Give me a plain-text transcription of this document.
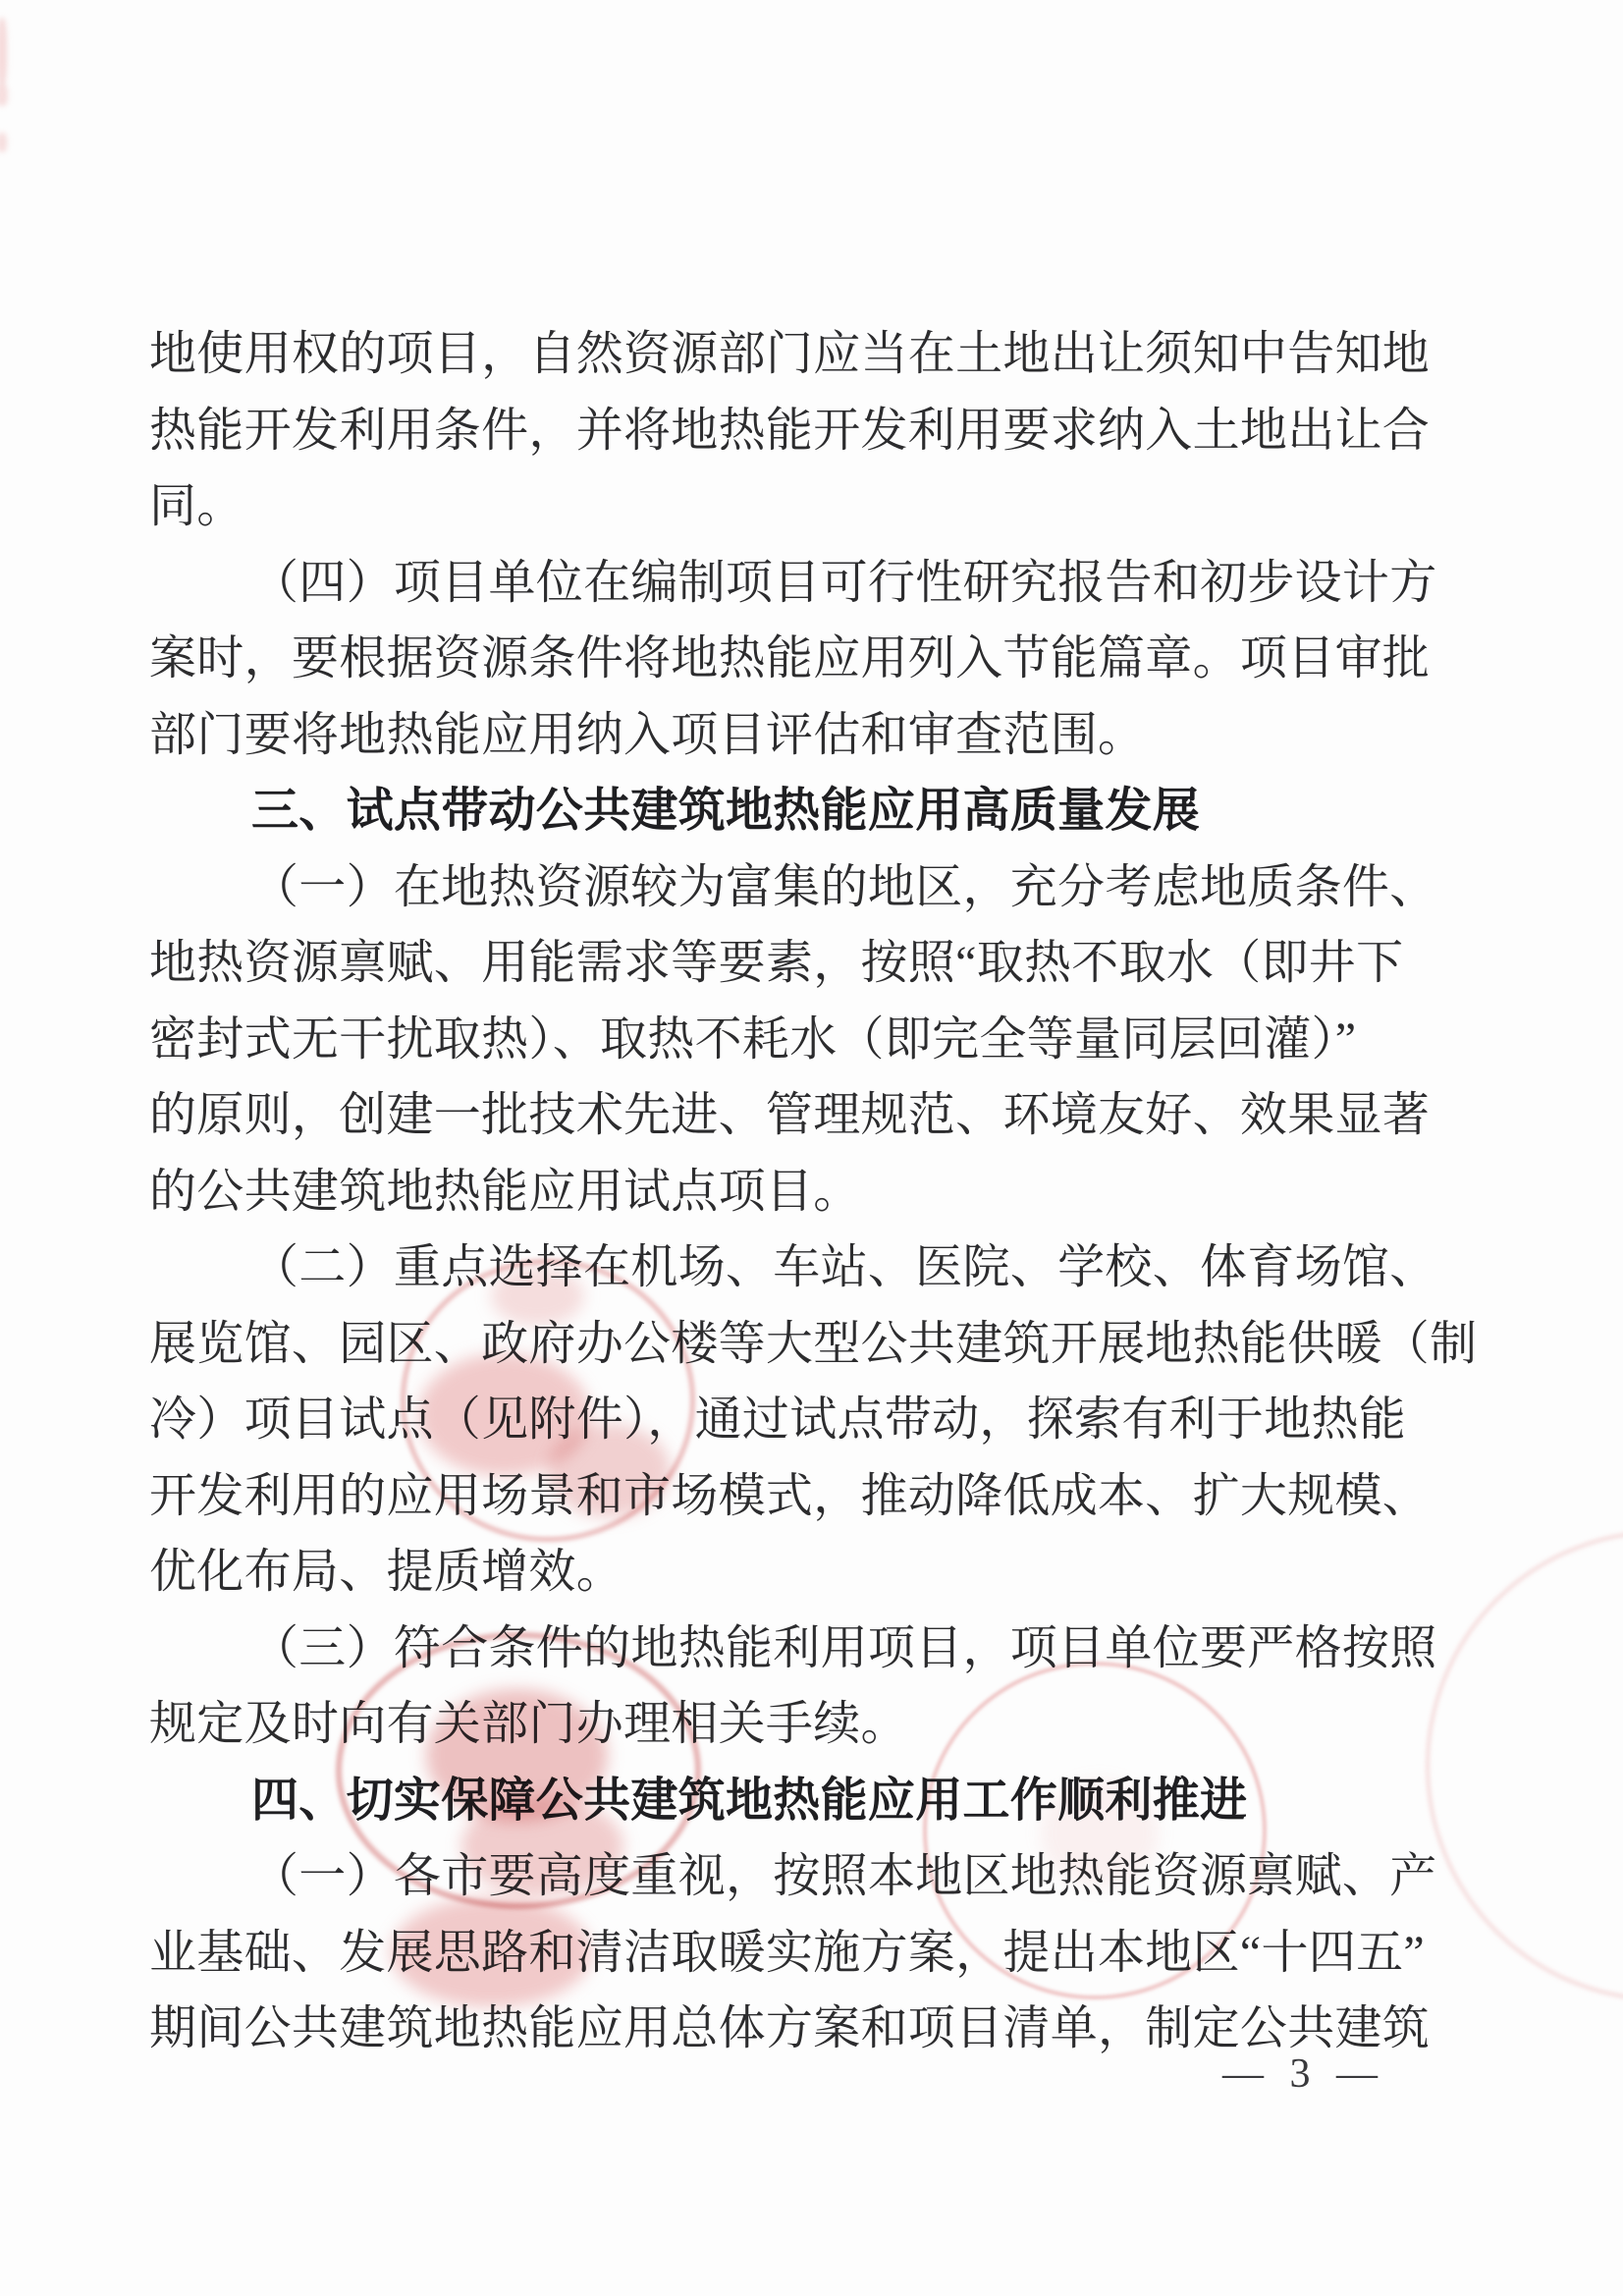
地使用权的项目，自然资源部门应当在土地出让须知中告知地
热能开发利用条件，并将地热能开发利用要求纳入土地出让合
同。
（四）项目单位在编制项目可行性研究报告和初步设计方
案时，要根据资源条件将地热能应用列入节能篇章。项目审批
部门要将地热能应用纳入项目评估和审查范围。
三、试点带动公共建筑地热能应用高质量发展
（一）在地热资源较为富集的地区，充分考虑地质条件、
地热资源禀赋、用能需求等要素，按照“取热不取水（即井下
密封式无干扰取热）、取热不耗水（即完全等量同层回灌）”
的原则，创建一批技术先进、管理规范、环境友好、效果显著
的公共建筑地热能应用试点项目。
（二）重点选择在机场、车站、医院、学校、体育场馆、
展览馆、园区、政府办公楼等大型公共建筑开展地热能供暖（制
冷）项目试点（见附件），通过试点带动，探索有利于地热能
开发利用的应用场景和市场模式，推动降低成本、扩大规模、
优化布局、提质增效。
（三）符合条件的地热能利用项目，项目单位要严格按照
规定及时向有关部门办理相关手续。
四、切实保障公共建筑地热能应用工作顺利推进
（一）各市要高度重视，按照本地区地热能资源禀赋、产
业基础、发展思路和清洁取暖实施方案，提出本地区“十四五”
期间公共建筑地热能应用总体方案和项目清单，制定公共建筑
— 3 —
